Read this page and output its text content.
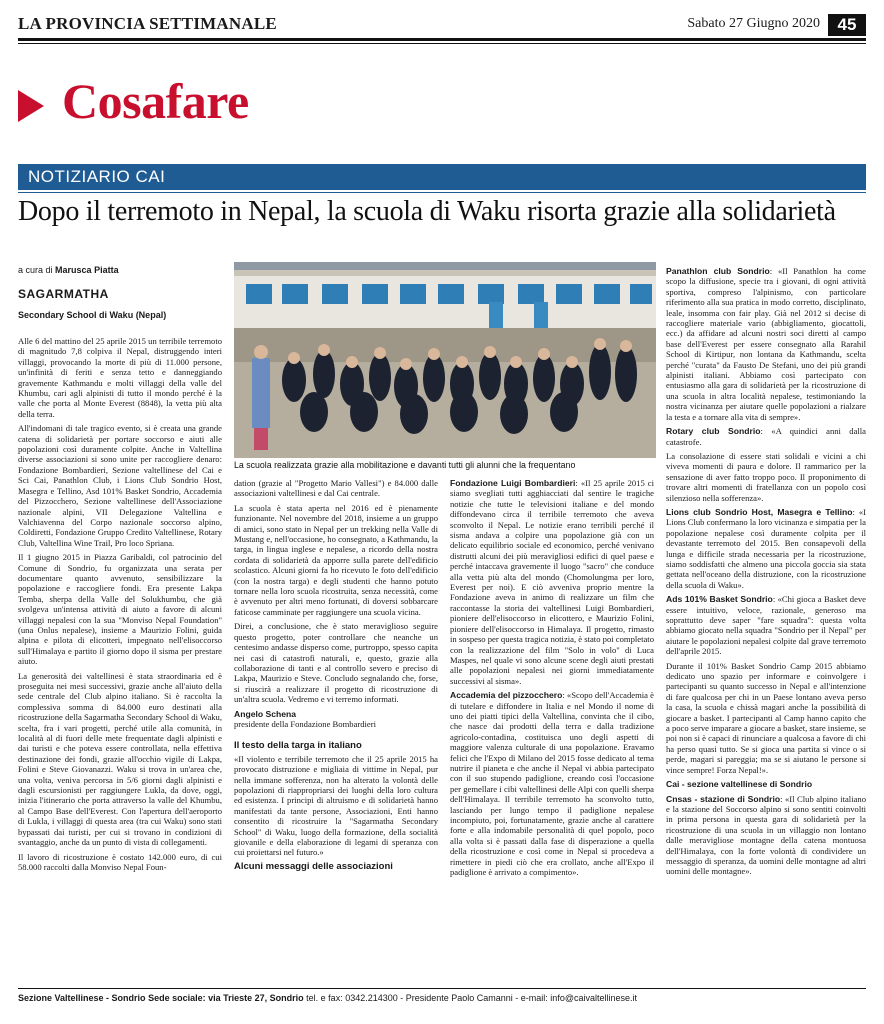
LA PROVINCIA SETTIMANALE	Sabato 27 Giugno 2020	45
Cosafare
NOTIZIARIO CAI
Dopo il terremoto in Nepal, la scuola di Waku risorta grazie alla solidarietà
a cura di Marusca Piatta
SAGARMATHA
Secondary School di Waku (Nepal)

Alle 6 del mattino del 25 aprile 2015 un terribile terremoto di magnitudo 7,8 colpiva il Nepal, distruggendo interi villaggi, provocando la morte di più di 11.000 persone, un'infinità di feriti e senza tetto e danneggiando gravemente Kathmandu e molti villaggi della valle del Khumbu, cari agli alpinisti di tutto il mondo perché è la valle che porta al Monte Everest (8848), la vetta più alta della terra.

All'indomani di tale tragico evento, si è creata una grande catena di solidarietà per portare soccorso e aiuti alle popolazioni così duramente colpite. Anche in Valtellina diverse associazioni si sono unite per raccogliere denaro: Fondazione Bombardieri, Sezione valtellinese del Cai e Sci Cai, Panathlon Club, i Lions Club Sondrio Host, Masegra e Tellino, Asd 101% Basket Sondrio, Accademia del Pizzocchero, Sezione valtellinese dell'Associazione nazionale alpini, VII Delegazione Valtellina e Valchiavenna del Corpo nazionale soccorso alpino, Coldiretti, Fondazione Gruppo Credito Valtellinese, Rotary Club, Valtellina Wine Trail, Pro loco Spriana.

Il 1 giugno 2015 in Piazza Garibaldi, col patrocinio del Comune di Sondrio, fu organizzata una serata per documentare quanto avvenuto, sensibilizzare la popolazione e raccogliere fondi. Era presente Lakpa Temba, sherpa della Valle del Solukhumbu, che già svolgeva un'intensa attività di aiuto a favore di alcuni villaggi nepalesi con la sua "Monviso Nepal Foundation" (una Onlus nepalese), insieme a Maurizio Folini, guida alpina e pilota di elicotteri, impegnato nell'elisoccorso sull'Himalaya e partito il giorno dopo il sisma per prestare aiuto.

La generosità dei valtellinesi è stata straordinaria ed è proseguita nei mesi successivi, grazie anche all'aiuto della sede centrale del Club alpino italiano. Si è raccolta la complessiva somma di 84.000 euro destinati alla ricostruzione della Sagarmatha Secondary School di Waku, scelta, fra i vari progetti, perché utile alla comunità, in località al di fuori delle mete frequentate dagli alpinisti e dai turisti e che poteva essere controllata, nella effettiva destinazione dei fondi, grazie all'occhio vigile di Lakpa, Folini e Steve Giovanazzi. Waku si trova in un'area che, una volta, veniva percorsa in 5/6 giorni dagli alpinisti e dagli escursionisti per raggiungere Lukla, da dove, oggi, inizia l'itinerario che porta attraverso la valle del Khumbu, al Campo Base dell'Everest. Con l'apertura dell'aeroporto di Lukla, i villaggi di questa area (tra cui Waku) sono stati bypassati dai turisti, per cui si trovano in condizioni di svantaggio, anche da un punto di vista di collegamenti.

Il lavoro di ricostruzione è costato 142.000 euro, di cui 58.000 raccolti dalla Monviso Nepal Foun-

La scuola realizzata grazie alla mobilitazione e davanti tutti gli alunni che la frequentano

dation (grazie al "Progetto Mario Vallesi") e 84.000 dalle associazioni valtellinesi e dal Cai centrale.

La scuola è stata aperta nel 2016 ed è pienamente funzionante. Nel novembre del 2018, insieme a un gruppo di amici, sono stato in Nepal per un trekking nella Valle di Mustang e, nell'occasione, ho consegnato, a Kathmandu, la targa, in lingua inglese e nepalese, a ricordo della nostra cordata di solidarietà da apporre sulla parete dell'edificio scolastico. Alcuni giorni fa ho ricevuto le foto dell'edificio (con la nostra targa) e degli studenti che hanno potuto tornare nella loro scuola ricostruita, senza necessità, come è avvenuto per altri meno fortunati, di doversi sobbarcare faticose camminate per raggiungere una scuola vicina.

Direi, a conclusione, che è stato meraviglioso seguire questo progetto, poter controllare che neanche un centesimo andasse disperso come, purtroppo, spesso capita nei casi di catastrofi naturali, e, questo, grazie alla collaborazione di tanti e al controllo severo e preciso di Lakpa, Maurizio e Steve. Concludo segnalando che, forse, si riuscirà a realizzare il progetto di ricostruzione di un'altra scuola. Vedremo e vi terremo informati.

Angelo Schena
presidente della Fondazione Bombardieri

Il testo della targa in italiano

«Il violento e terribile terremoto che il 25 aprile 2015 ha provocato distruzione e migliaia di vittime in Nepal, pur nella immane sofferenza, non ha alterato la volontà delle popolazioni di riappropriarsi dei luoghi della loro cultura ed esistenza. I principi di altruismo e di solidarietà hanno manifestati da tante persone, Associazioni, Enti hanno consentito di ricostruire la "Sagarmatha Secondary School" di Waku, luogo della formazione, della socialità giovanile e della elaborazione di legami di speranza con cui proiettarsi nel futuro.»

Alcuni messaggi delle associazioni

Fondazione Luigi Bombardieri: «Il 25 aprile 2015 ci siamo svegliati tutti agghiacciati dal sentire le tragiche notizie che tutte le televisioni italiane e del mondo diffondevano circa il terribile terremoto che aveva sconvolto il Nepal. Le notizie erano terribili perché il sisma andava a colpire una popolazione già con un delicato equilibrio sociale ed economico, perché venivano distrutti alcuni dei più meravigliosi edifici di quel paese e perché intaccava gravemente il luogo "sacro" che conduce alla vetta più alta del mondo (Chomolungma per loro, Everest per noi). E ciò avveniva proprio mentre la Fondazione aveva in animo di realizzare un film che raccontasse la storia dei valtellinesi Luigi Bombardieri, pioniere dell'elisoccorso in elicottero, e Maurizio Folini, pioniere dell'elisoccorso in Himalaya. Il progetto, rimasto in sospeso per questa tragica notizia, è stato poi completato con la realizzazione del film "Solo in volo" di Luca Maspes, nel quale vi sono alcune scene degli aiuti prestati alle popolazioni nepalesi nei giorni immediatamente successivi al sisma».

Accademia del pizzocchero: «Scopo dell'Accademia è di tutelare e diffondere in Italia e nel Mondo il nome di uno dei piatti tipici della Valtellina, convinta che il cibo, che nasce dai prodotti della terra e dalla tradizione agricolo-contadina, costituisca uno degli aspetti di maggiore valenza culturale di una popolazione. Eravamo felici che l'Expo di Milano del 2015 fosse dedicato al tema nutrire il pianeta e che anche il Nepal vi abbia partecipato con il suo stupendo padiglione, creando così l'occasione per gemellare i cibi valtellinesi delle Alpi con quelli sherpa dell'Himalaya. Il terribile terremoto ha sconvolto tutto, lasciando per lungo tempo il padiglione nepalese incompiuto, poi, fortunatamente, grazie anche al carattere forte e alla indomabile personalità di quel popolo, poco alla volta si è passati dalla fase di disperazione a quella della ricostruzione e così come in Nepal si procedeva a rimettere in piedi ciò che era crollato, anche all'Expo il padiglione è arrivato a compimento».

Panathlon club Sondrio: «Il Panathlon ha come scopo la diffusione, specie tra i giovani, di ogni attività sportiva, compreso l'alpinismo, con particolare riferimento alla sua pratica in modo corretto, disciplinato, leale, insomma con fair play. Già nel 2012 si decise di raccogliere materiale vario (abbigliamento, giocattoli, ecc.) da affidare ad alcuni nostri soci diretti al campo base dell'Everest per essere consegnato alla Rarahil School di Kirtipur, non lontana da Kathmandu, scelta perché "curata" da Fausto De Stefani, uno dei più grandi alpinisti italiani. Abbiamo così partecipato con entusiasmo alla gara di solidarietà per la ricostruzione di una scuola in altra località nepalese, testimoniando la nostra vicinanza per aiutare quelle popolazioni a rialzare la testa e a tornare alla vita di sempre».

Rotary club Sondrio: «A quindici anni dalla catastrofe.

La consolazione di essere stati solidali e vicini a chi viveva momenti di paura e dolore. Il rammarico per la sensazione di aver fatto troppo poco. Il proponimento di trovare altri momenti di fratellanza con un popolo così silenzioso nella sofferenza».

Lions club Sondrio Host, Masegra e Tellino: «I Lions Club confermano la loro vicinanza e simpatia per la popolazione nepalese così duramente colpita per il devastante terremoto del 2015. Ben consapevoli della lunga e difficile strada necessaria per la ricostruzione, siamo soddisfatti che almeno una piccola goccia sia stata gettata nell'oceano della distruzione, con la ricostruzione della scuola di Waku».

Ads 101% Basket Sondrio: «Chi gioca a Basket deve essere intuitivo, veloce, razionale, generoso ma soprattutto deve saper "fare squadra": questa volta abbiamo giocato nella squadra "Sondrio per il Nepal" per aiutare le popolazioni nepalesi colpite dal grave terremoto dell'aprile 2015.

Durante il 101% Basket Sondrio Camp 2015 abbiamo dedicato uno spazio per informare e coinvolgere i partecipanti su quanto successo in Nepal e all'intenzione di fare qualcosa per chi in un Paese lontano aveva perso la casa, la scuola e chissà magari anche la possibilità di giocare a basket. I partecipanti al Camp hanno capito che a poco serve imparare a giocare a basket, stare insieme, se poi non si è capaci di rinunciare a qualcosa a favore di chi ha perso quasi tutto. Se si gioca una partita si vince o si perde, magari si pareggia; ma se si aiutano le persone si vince sempre! Forza Nepal!».

Cai - sezione valtellinese di Sondrio

Cnsas - stazione di Sondrio: «Il Club alpino italiano e la stazione del Soccorso alpino si sono sentiti coinvolti in prima persona in questa gara di solidarietà per la ricostruzione di una scuola in un villaggio non lontano dalle meravigliose montagne della catena montuosa dell'Himalaya, con la forte volontà di condividere un messaggio di speranza, da uomini delle montagne ad altri uomini delle montagne».

Sezione Valtellinese - Sondrio Sede sociale: via Trieste 27, Sondrio tel. e fax: 0342.214300 - Presidente Paolo Camanni - e-mail: info@caivaltellinese.it
